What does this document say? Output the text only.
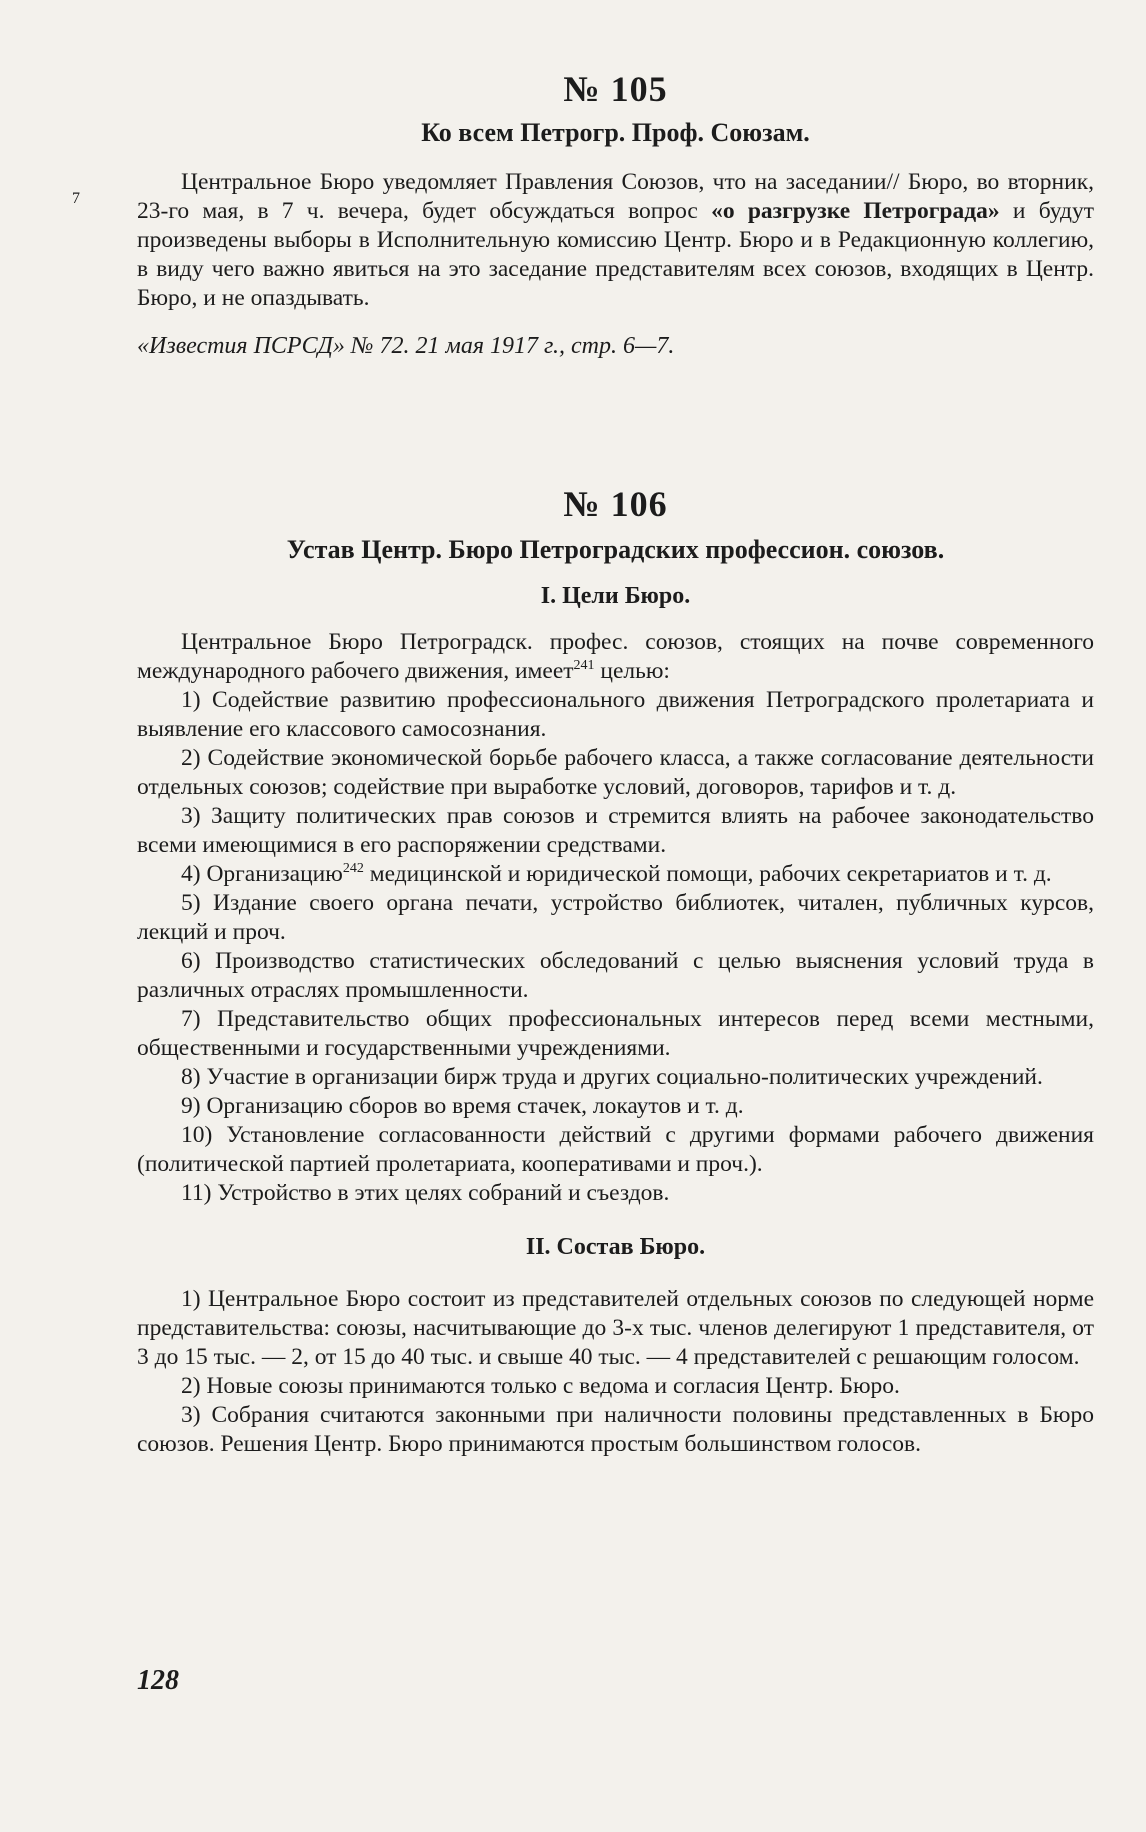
№ 105
Ко всем Петрогр. Проф. Союзам.

Центральное Бюро уведомляет Правления Союзов, что на заседании// Бюро, во вторник, 23-го мая, в 7 ч. вечера, будет обсуждаться вопрос «о разгрузке Петрограда» и будут произведены выборы в Исполнительную комиссию Центр. Бюро и в Редакционную коллегию, в виду чего важно явиться на это заседание представителям всех союзов, входящих в Центр. Бюро, и не опаздывать.

«Известия ПСРСД» № 72. 21 мая 1917 г., стр. 6—7.

7
№ 106
Устав Центр. Бюро Петроградских профессион. союзов.
I. Цели Бюро.

Центральное Бюро Петроградск. профес. союзов, стоящих на почве современного международного рабочего движения, имеет$^{241}$ целью:

1) Содействие развитию профессионального движения Петроградского пролетариата и выявление его классового самосознания.

2) Содействие экономической борьбе рабочего класса, а также согласование деятельности отдельных союзов; содействие при выработке условий, договоров, тарифов и т. д.

3) Защиту политических прав союзов и стремится влиять на рабочее законодательство всеми имеющимися в его распоряжении средствами.

4) Организацию$^{242}$ медицинской и юридической помощи, рабочих секретариатов и т. д.

5) Издание своего органа печати, устройство библиотек, читален, публичных курсов, лекций и проч.

6) Производство статистических обследований с целью выяснения условий труда в различных отраслях промышленности.

7) Представительство общих профессиональных интересов перед всеми местными, общественными и государственными учреждениями.

8) Участие в организации бирж труда и других социально-политических учреждений.

9) Организацию сборов во время стачек, локаутов и т. д.

10) Установление согласованности действий с другими формами рабочего движения (политической партией пролетариата, кооперативами и проч.).

11) Устройство в этих целях собраний и съездов.

II. Состав Бюро.

1) Центральное Бюро состоит из представителей отдельных союзов по следующей норме представительства: союзы, насчитывающие до 3-х тыс. членов делегируют 1 представителя, от 3 до 15 тыс. — 2, от 15 до 40 тыс. и свыше 40 тыс. — 4 представителей с решающим голосом.

2) Новые союзы принимаются только с ведома и согласия Центр. Бюро.

3) Собрания считаются законными при наличности половины представленных в Бюро союзов. Решения Центр. Бюро принимаются простым большинством голосов.

128
